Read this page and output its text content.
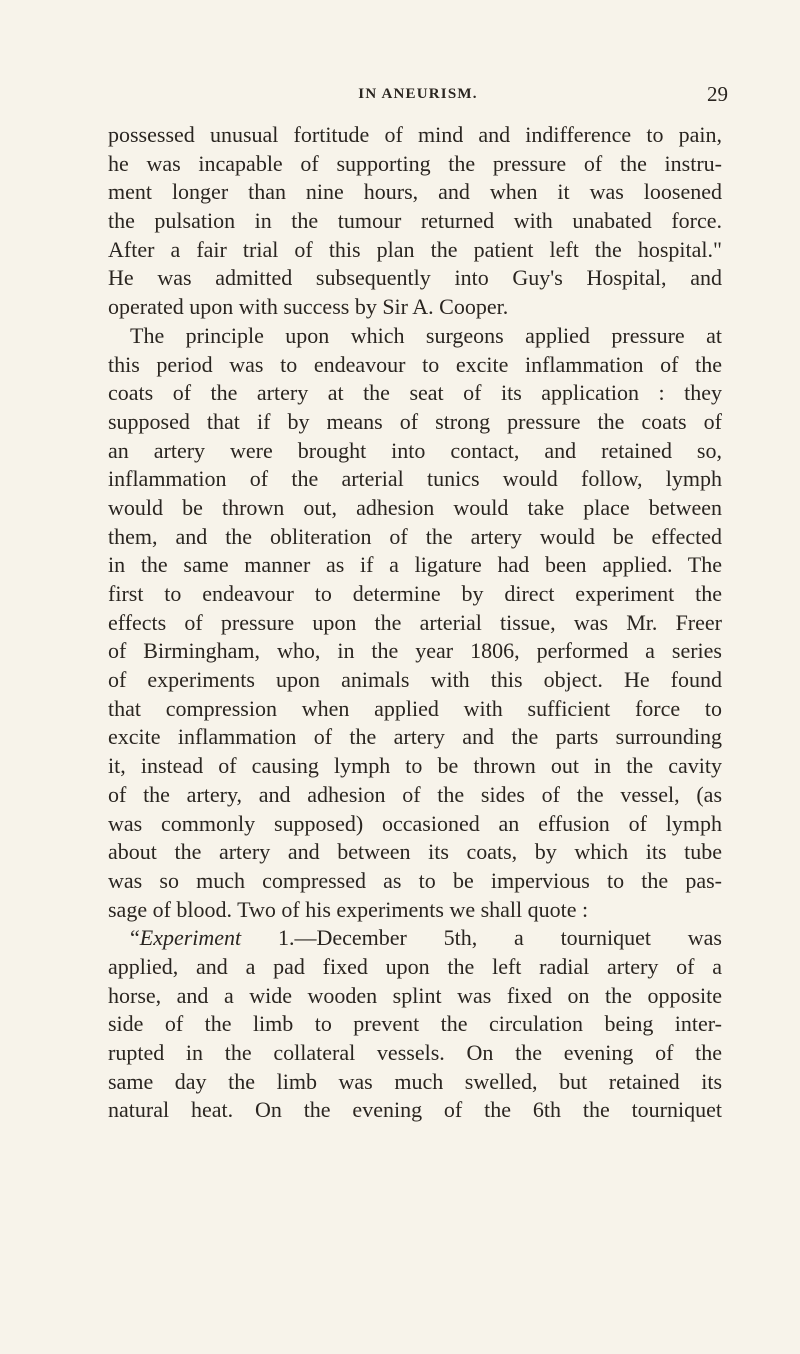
IN ANEURISM.	29
possessed unusual fortitude of mind and indifference to pain,
he was incapable of supporting the pressure of the instru-
ment longer than nine hours, and when it was loosened
the pulsation in the tumour returned with unabated force.
After a fair trial of this plan the patient left the hospital."
He was admitted subsequently into Guy's Hospital, and
operated upon with success by Sir A. Cooper.
The principle upon which surgeons applied pressure at
this period was to endeavour to excite inflammation of the
coats of the artery at the seat of its application : they
supposed that if by means of strong pressure the coats of
an artery were brought into contact, and retained so,
inflammation of the arterial tunics would follow, lymph
would be thrown out, adhesion would take place between
them, and the obliteration of the artery would be effected
in the same manner as if a ligature had been applied. The
first to endeavour to determine by direct experiment the
effects of pressure upon the arterial tissue, was Mr. Freer
of Birmingham, who, in the year 1806, performed a series
of experiments upon animals with this object. He found
that compression when applied with sufficient force to
excite inflammation of the artery and the parts surrounding
it, instead of causing lymph to be thrown out in the cavity
of the artery, and adhesion of the sides of the vessel, (as
was commonly supposed) occasioned an effusion of lymph
about the artery and between its coats, by which its tube
was so much compressed as to be impervious to the pas-
sage of blood. Two of his experiments we shall quote :
“Experiment 1.—December 5th, a tourniquet was
applied, and a pad fixed upon the left radial artery of a
horse, and a wide wooden splint was fixed on the opposite
side of the limb to prevent the circulation being inter-
rupted in the collateral vessels. On the evening of the
same day the limb was much swelled, but retained its
natural heat. On the evening of the 6th the tourniquet
